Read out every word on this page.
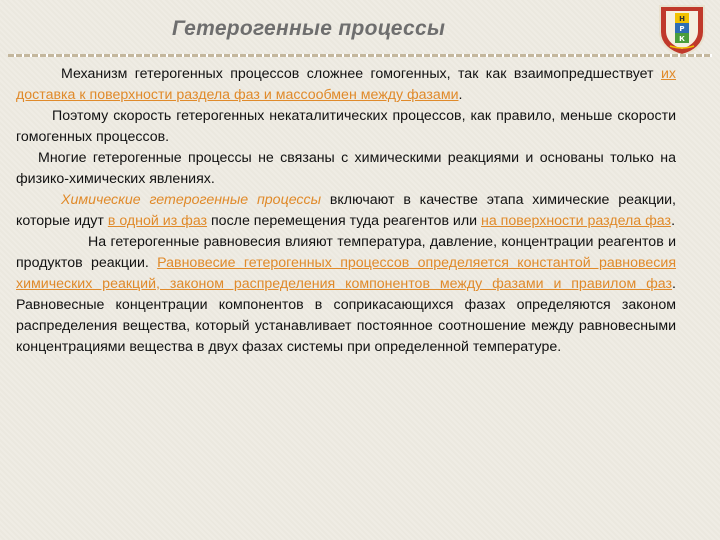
Гетерогенные процессы	Н
Р
К

Механизм гетерогенных процессов сложнее гомогенных, так как взаимопредшествует их доставка к поверхности раздела фаз и массообмен между фазами.

Поэтому скорость гетерогенных некаталитических процессов, как правило, меньше скорости гомогенных процессов.

Многие гетерогенные процессы не связаны с химическими реакциями и основаны только на физико-химических явлениях.

Химические гетерогенные процессы включают в качестве этапа химические реакции, которые идут в одной из фаз после перемещения туда реагентов или на поверхности раздела фаз.

На гетерогенные равновесия влияют температура, давление, концентрации реагентов и продуктов реакции. Равновесие гетерогенных процессов определяется константой равновесия химических реакций, законом распределения компонентов между фазами и правилом фаз. Равновесные концентрации компонентов в соприкасающихся фазах определяются законом распределения вещества, который устанавливает постоянное соотношение между равновесными концентрациями вещества в двух фазах системы при определенной температуре.
